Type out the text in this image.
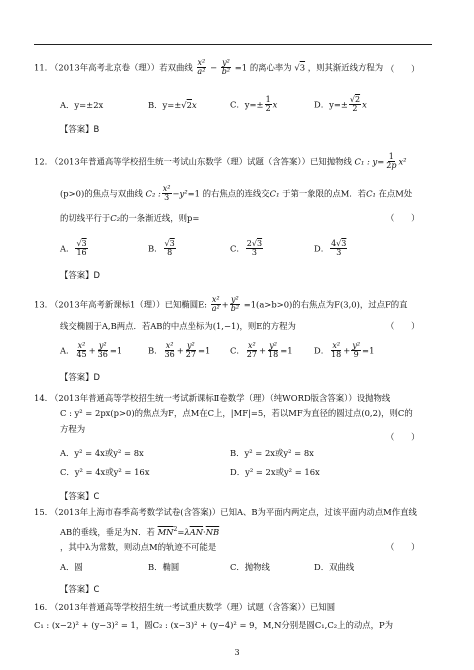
11. （2013年高考北京卷（理））若双曲线 $\frac{\text{x²}}{\text{a²}} - \frac{\text{y²}}{\text{b²}} =1$ 的离心率为 √3 ，则其渐近线方程为 （　　）
A．y=±2x	B．y=±√2x	C．$y=\pm \frac{1}{2}$ x	D．$y=\pm \frac{√2}{2}$ x
【答案】B
12. （2013年普通高等学校招生统一考试山东数学（理）试题（含答案））已知抛物线 C₁ : $y= \frac{1}{2p} x^2$
(p>0)的焦点与双曲线 C₂ : $\frac{\text{x²}}{3} -y^2=1$ 的右焦点的连线交C₁ 于第一象限的点M．若C₁ 在点M处
的切线平行于C₂的一条渐近线，则p=	（　　）
A． $\frac{√3}{16}$	B． $\frac{√3}{8}$	C． $\frac{2√3}{3}$	D． $\frac{4√3}{3}$
【答案】D
13. （2013年高考新课标1（理））已知椭圆E: $\frac{\text{x²}}{\text{a²}} + \frac{\text{y²}}{\text{b²}} =1(a>b>0)$的右焦点为F(3,0)，过点F的直
线交椭圆于A,B两点．若AB的中点坐标为(1,−1)，则E的方程为	（　　）
A． $\frac{\text{x²}}{45} + \frac{\text{y²}}{36} =1$	B． $\frac{\text{x²}}{36} + \frac{\text{y²}}{27} =1$ C． $\frac{\text{x²}}{27} + \frac{\text{y²}}{18} =1$	D． $\frac{\text{x²}}{18} + \frac{\text{y²}}{9} =1$
【答案】D
14. （2013年普通高等学校招生统一考试新课标Ⅱ卷数学（理）（纯WORD版含答案））设抛物线
C : y² = 2px(p>0)的焦点为F，点M在C上，|MF|=5，若以MF为直径的圆过点(0,2)，则C的
方程为
（　　）
A．y² = 4x或y² = 8x	B．y² = 2x或y² = 8x
C．y² = 4x或y² = 16x	D．y² = 2x或y² = 16x
【答案】C
15. （2013年上海市春季高考数学试卷(含答案)）已知A、B为平面内两定点，过该平面内动点M作直线
AB的垂线，垂足为N．若 $\overline{MN}^2=\lambda\overline{AN}\cdot\overline{NB}$
，其中λ为常数，则动点M的轨迹不可能是	（　　）
A．圆	B．椭圆	C．抛物线	D．双曲线
【答案】C
16. （2013年普通高等学校招生统一考试重庆数学（理）试题（含答案））已知圆
C₁ : (x−2)² + (y−3)² = 1，圆C₂ : (x−3)² + (y−4)² = 9，M,N分别是圆C₁,C₂上的动点，P为
3
